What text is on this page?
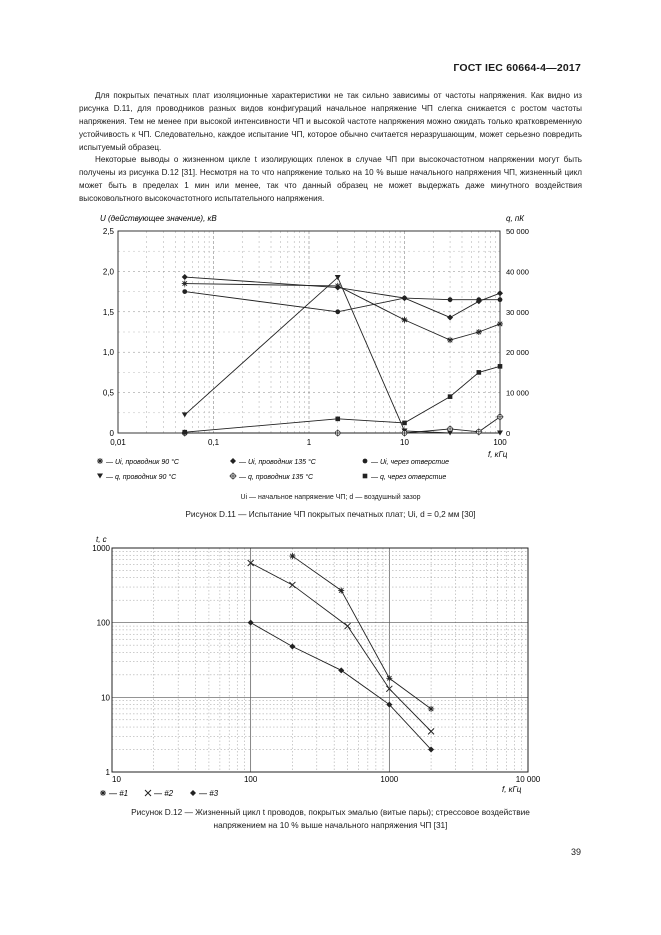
ГОСТ IEC 60664-4—2017

Для покрытых печатных плат изоляционные характеристики не так сильно зависимы от частоты напряжения. Как видно из рисунка D.11, для проводников разных видов конфигураций начальное напряжение ЧП слегка снижается с ростом частоты напряжения. Тем не менее при высокой интенсивности ЧП и высокой частоте напряжения можно ожидать только кратковременную устойчивость к ЧП. Следовательно, каждое испытание ЧП, которое обычно считается неразрушающим, может серьезно повредить испытуемый образец.

Некоторые выводы о жизненном цикле t изолирующих пленок в случае ЧП при высокочастотном напряжении могут быть получены из рисунка D.12 [31]. Несмотря на то что напряжение только на 10 % выше начального напряжения ЧП, жизненный цикл может быть в пределах 1 мин или менее, так что данный образец не может выдержать даже минутного воздействия высоковольтного высокочастотного испытательного напряжения.

0,01	0,1	1	10	100
0
0,5
1,0
1,5
2,0
2,5
0
10 000
20 000
30 000
40 000
50 000
U (действующее значение), кВ	q, пК
f, кГц
— Ui, проводник 90 °C	— Ui, проводник 135 °C	— Ui, через отверстие
— q, проводник 90 °C	— q, проводник 135 °C	— q, через отверстие
Ui — начальное напряжение ЧП; d — воздушный зазор
Рисунок D.11 — Испытание ЧП покрытых печатных плат; Ui, d = 0,2 мм [30]
10	100	1000	10 000
1
10
100
1000
t, с
f, кГц
— #1	— #2	— #3
Рисунок D.12 — Жизненный цикл t проводов, покрытых эмалью (витые пары); стрессовое воздействие
напряжением на 10 % выше начального напряжения ЧП [31]
39
